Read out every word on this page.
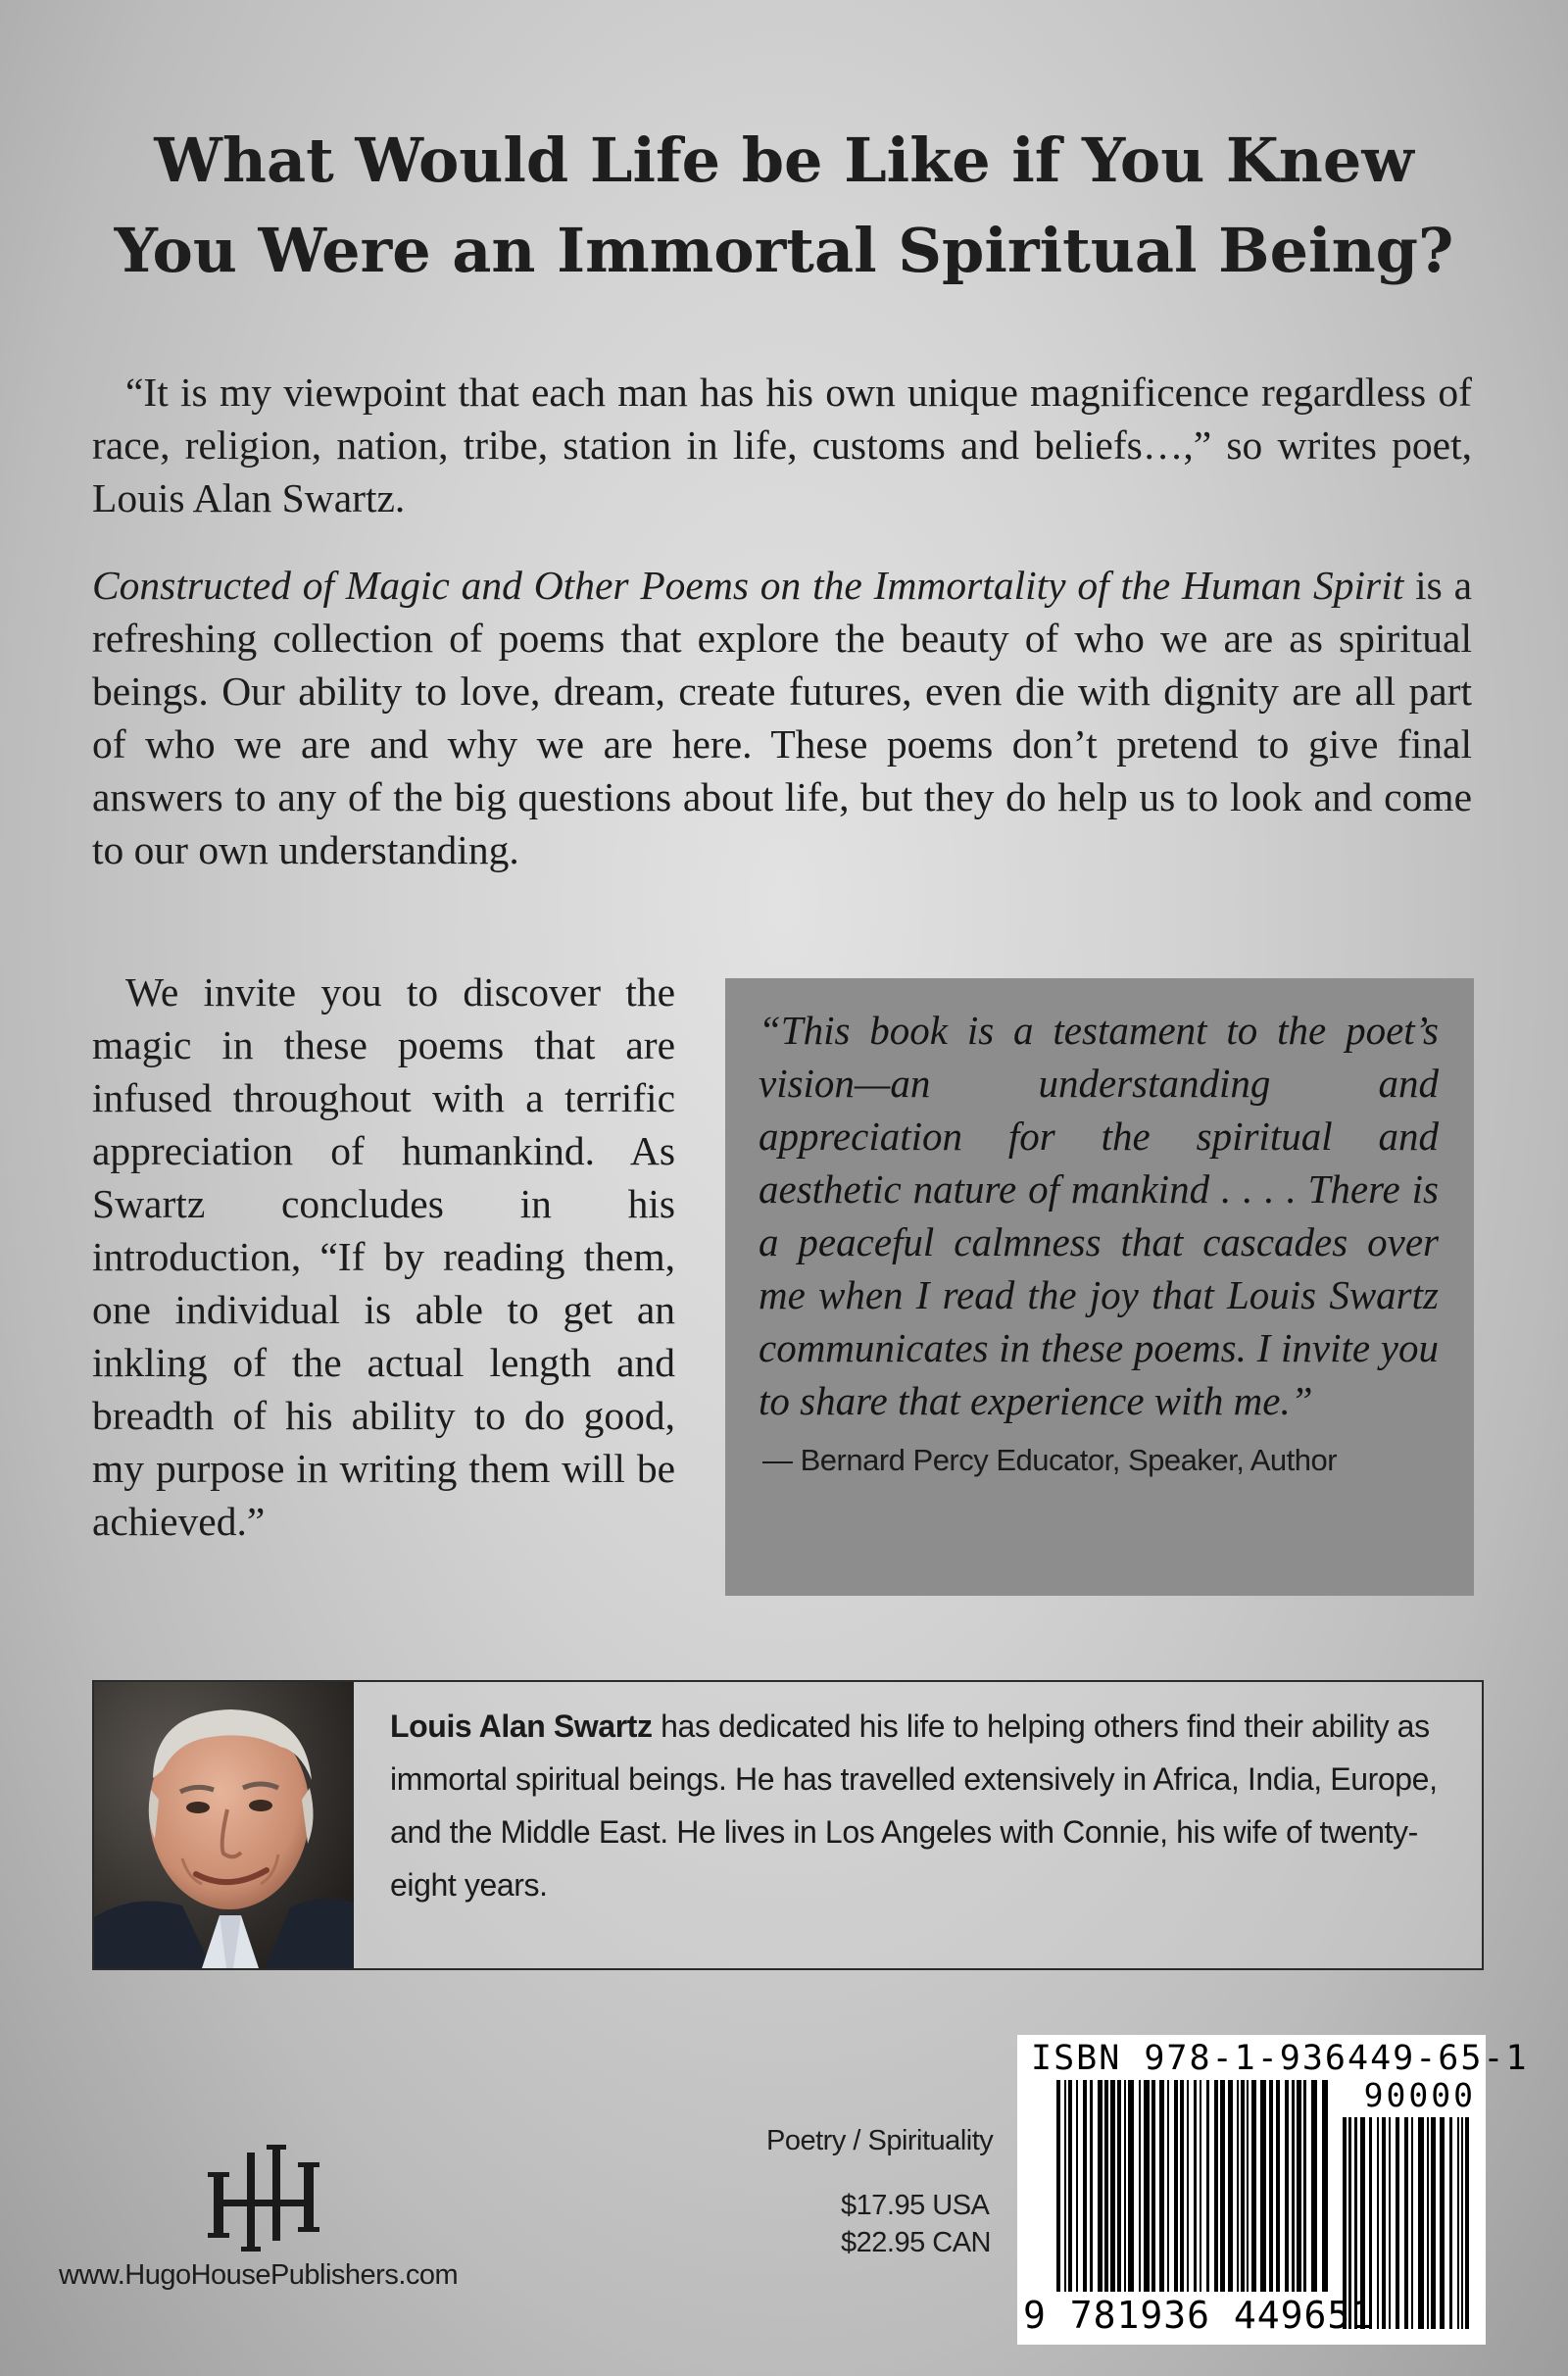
What Would Life be Like if You Knew
You Were an Immortal Spiritual Being?

“It is my viewpoint that each man has his own unique magnificence regardless of race, religion, nation, tribe, station in life, customs and beliefs…,” so writes poet, Louis Alan Swartz.

Constructed of Magic and Other Poems on the Immortality of the Human Spirit is a refreshing collection of poems that explore the beauty of who we are as spiritual beings. Our ability to love, dream, create futures, even die with dignity are all part of who we are and why we are here. These poems don’t pretend to give final answers to any of the big questions about life, but they do help us to look and come to our own understanding.

We invite you to discover the magic in these poems that are infused throughout with a terrific appreciation of humankind. As Swartz concludes in his introduction, “If by reading them, one individual is able to get an inkling of the actual length and breadth of his ability to do good, my purpose in writing them will be achieved.”

“This book is a testament to the poet’s vision—an understanding and appreciation for the spiritual and aesthetic nature of mankind . . . . There is a peaceful calmness that cascades over me when I read the joy that Louis Swartz communicates in these poems. I invite you to share that experience with me.”

— Bernard Percy Educator, Speaker, Author

Louis Alan Swartz has dedicated his life to helping others find their ability as immortal spiritual beings. He has travelled extensively in Africa, India, Europe, and the Middle East. He lives in Los Angeles with Connie, his wife of twenty-eight years.

www.HugoHousePublishers.com
Poetry / Spirituality
$17.95 USA
$22.95 CAN
ISBN 978-1-936449-65-1
90000
9 781936 449651
